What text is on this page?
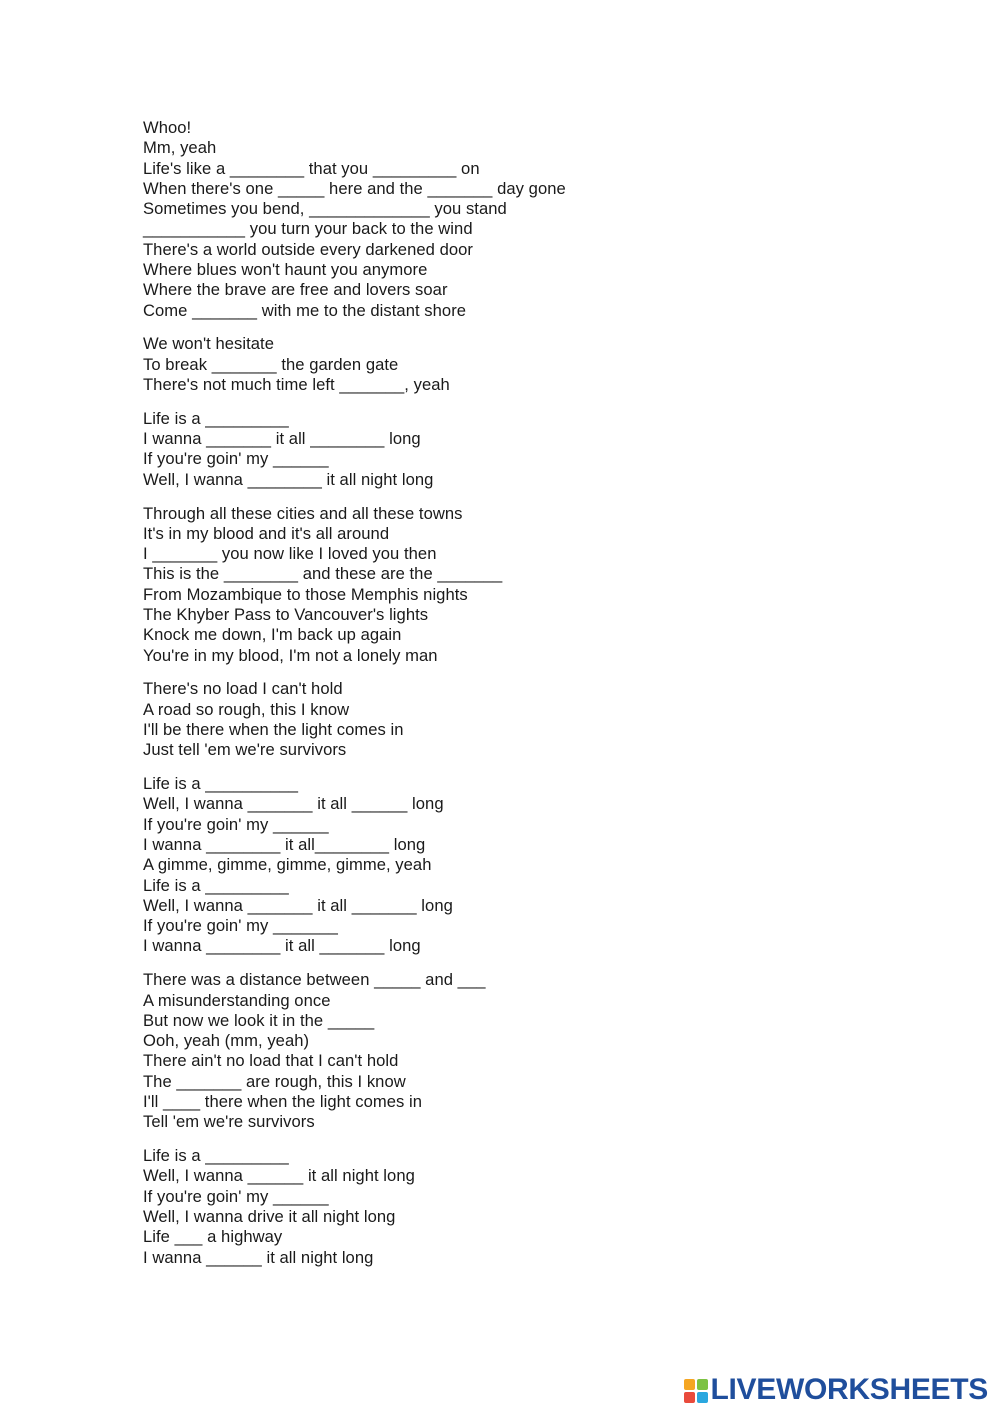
Whoo!
Mm, yeah
Life's like a ________ that you _________ on
When there's one _____ here and the _______ day gone
Sometimes you bend, _____________ you stand
___________ you turn your back to the wind
There's a world outside every darkened door
Where blues won't haunt you anymore
Where the brave are free and lovers soar
Come _______ with me to the distant shore
We won't hesitate
To break _______ the garden gate
There's not much time left _______, yeah
Life is a _________
I wanna _______ it all ________ long
If you're goin' my ______
Well, I wanna ________ it all night long
Through all these cities and all these towns
It's in my blood and it's all around
I _______ you now like I loved you then
This is the ________ and these are the _______
From Mozambique to those Memphis nights
The Khyber Pass to Vancouver's lights
Knock me down, I'm back up again
You're in my blood, I'm not a lonely man
There's no load I can't hold
A road so rough, this I know
I'll be there when the light comes in
Just tell 'em we're survivors
Life is a __________
Well, I wanna _______ it all ______ long
If you're goin' my ______
I wanna ________ it all________ long
A gimme, gimme, gimme, gimme, yeah
Life is a _________
Well, I wanna _______ it all _______ long
If you're goin' my _______
I wanna ________ it all _______ long
There was a distance between _____ and ___
A misunderstanding once
But now we look it in the _____
Ooh, yeah (mm, yeah)
There ain't no load that I can't hold
The _______ are rough, this I know
I'll ____ there when the light comes in
Tell 'em we're survivors
Life is a _________
Well, I wanna ______ it all night long
If you're goin' my ______
Well, I wanna drive it all night long
Life ___ a highway
I wanna ______ it all night long
LIVEWORKSHEETS
